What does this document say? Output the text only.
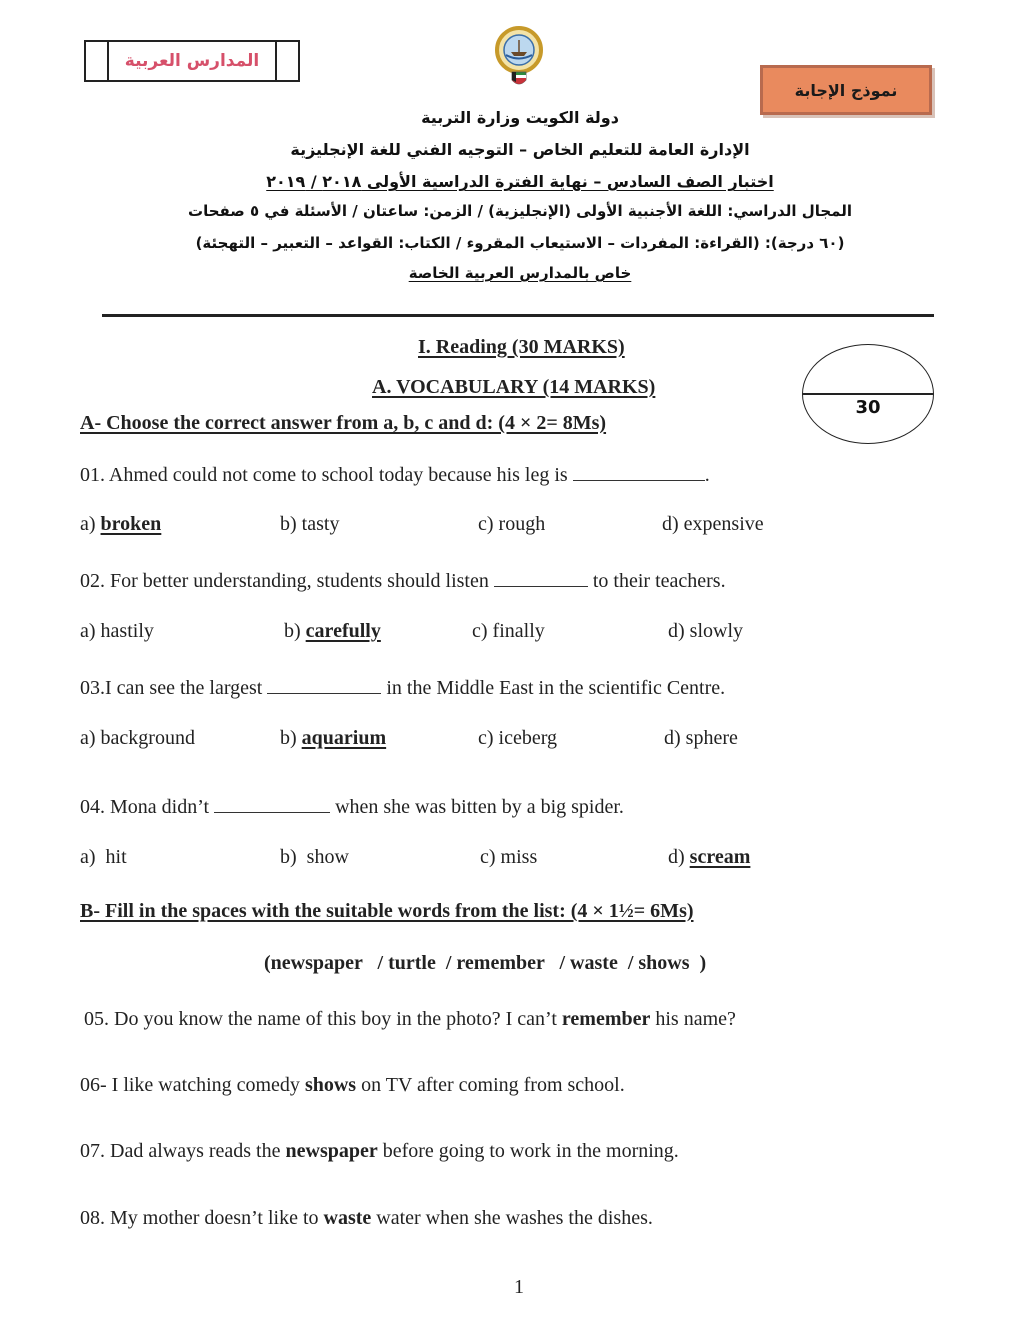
المدارس العربية
نموذج الإجابة
دولة الكويت وزارة التربية
الإدارة العامة للتعليم الخاص – التوجيه الفني للغة الإنجليزية
اختبار الصف السادس – نهاية الفترة الدراسية الأولى ٢٠١٨ / ٢٠١٩
المجال الدراسي: اللغة الأجنبية الأولى (الإنجليزية) / الزمن: ساعتان / الأسئلة في ٥ صفحات
(٦٠ درجة): (القراءة: المفردات – الاستيعاب المقروء / الكتاب: القواعد – التعبير – التهجئة)
خاص بالمدارس العربية الخاصة
I. Reading (30 MARKS)
A. VOCABULARY (14 MARKS)
30
A- Choose the correct answer from a, b, c and d: (4 × 2= 8Ms)
01. Ahmed could not come to school today because his leg is	.
a) broken	b) tasty	c) rough	d) expensive
02. For better understanding, students should listen	to their teachers.
a) hastily	b) carefully	c) finally	d) slowly
03.I can see the largest	in the Middle East in the scientific Centre.
a) background	b) aquarium	c) iceberg	d) sphere
04. Mona didn’t	when she was bitten by a big spider.
a) hit	b) show	c) miss	d) scream
B- Fill in the spaces with the suitable words from the list: (4 × 1½= 6Ms)
(newspaper   / turtle  / remember   / waste  / shows  )
05. Do you know the name of this boy in the photo? I can’t remember his name?
06- I like watching comedy shows on TV after coming from school.
07. Dad always reads the newspaper before going to work in the morning.
08. My mother doesn’t like to waste water when she washes the dishes.
1
